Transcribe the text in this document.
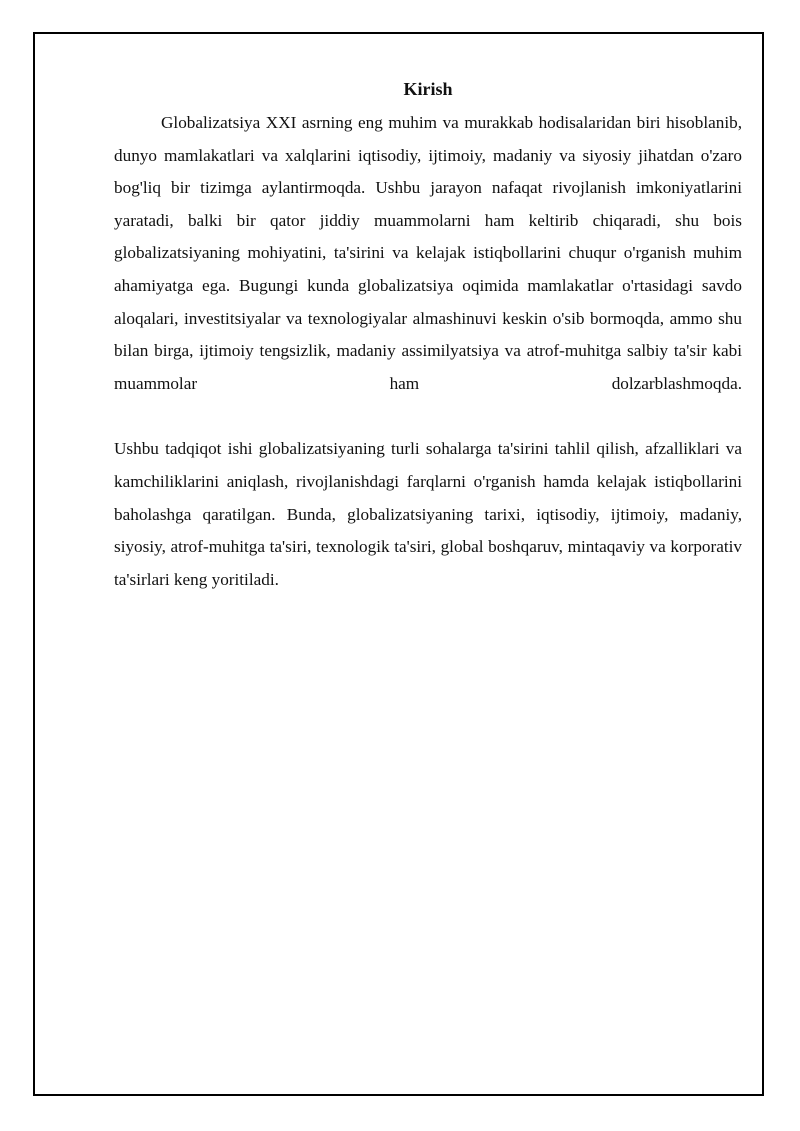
Kirish

Globalizatsiya XXI asrning eng muhim va murakkab hodisalaridan biri hisoblanib, dunyo mamlakatlari va xalqlarini iqtisodiy, ijtimoiy, madaniy va siyosiy jihatdan o'zaro bog'liq bir tizimga aylantirmoqda. Ushbu jarayon nafaqat rivojlanish imkoniyatlarini yaratadi, balki bir qator jiddiy muammolarni ham keltirib chiqaradi, shu bois globalizatsiyaning mohiyatini, ta'sirini va kelajak istiqbollarini chuqur o'rganish muhim ahamiyatga ega. Bugungi kunda globalizatsiya oqimida mamlakatlar o'rtasidagi savdo aloqalari, investitsiyalar va texnologiyalar almashinuvi keskin o'sib bormoqda, ammo shu bilan birga, ijtimoiy tengsizlik, madaniy assimilyatsiya va atrof-muhitga salbiy ta'sir kabi muammolar ham dolzarblashmoqda.

Ushbu tadqiqot ishi globalizatsiyaning turli sohalarga ta'sirini tahlil qilish, afzalliklari va kamchiliklarini aniqlash, rivojlanishdagi farqlarni o'rganish hamda kelajak istiqbollarini baholashga qaratilgan. Bunda, globalizatsiyaning tarixi, iqtisodiy, ijtimoiy, madaniy, siyosiy, atrof-muhitga ta'siri, texnologik ta'siri, global boshqaruv, mintaqaviy va korporativ ta'sirlari keng yoritiladi.
